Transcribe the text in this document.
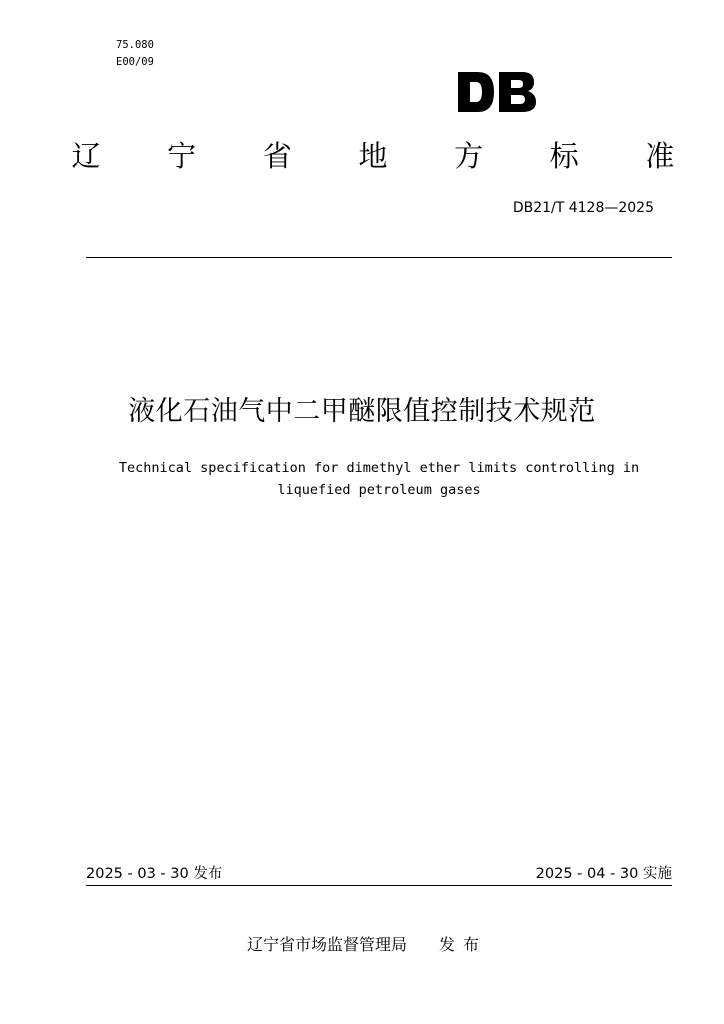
75.080
E00/09
辽 宁 省 地 方 标 准
DB21/T 4128—2025
液化石油气中二甲醚限值控制技术规范
Technical specification for dimethyl ether limits controlling in
liquefied petroleum gases
2025 - 03 - 30 发布	2025 - 04 - 30 实施
辽宁省市场监督管理局 发布
